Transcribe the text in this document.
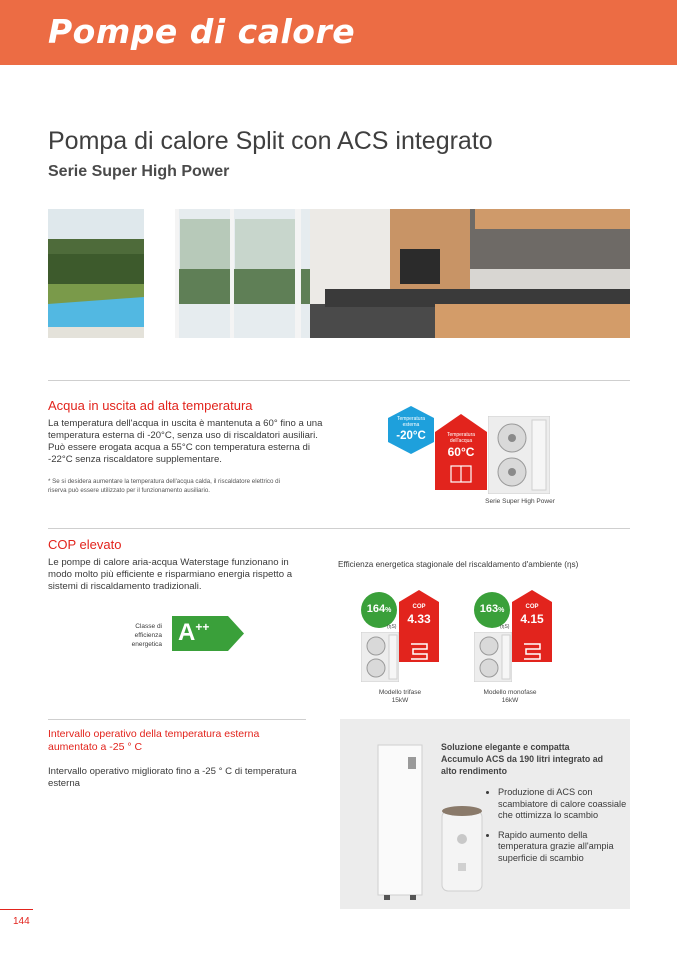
Pompe di calore
Pompa di calore Split con ACS integrato
Serie Super High Power
Acqua in uscita ad alta temperatura
La temperatura dell'acqua in uscita è mantenuta a 60° fino a una temperatura esterna di -20°C, senza uso di riscaldatori ausiliari. Può essere erogata acqua a 55°C con temperatura esterna di -22°C senza riscaldatore supplementare.
* Se si desidera aumentare la temperatura dell'acqua calda, il riscaldatore elettrico di riserva può essere utilizzato per il funzionamento ausiliario.
Temperatura esterna
-20°C	Temperatura dell'acqua
60°C
Serie Super High Power
COP elevato
Le pompe di calore aria-acqua Waterstage funzionano in modo molto più efficiente e risparmiano energia rispetto a sistemi di riscaldamento tradizionali.
Classe di efficienza energetica A++
Efficienza energetica stagionale del riscaldamento d'ambiente (ηs)
164%
(ηS)
COP
4.33
Modello trifase
15kW
163%
(ηS)
COP
4.15
Modello monofase
16kW
Intervallo operativo della temperatura esterna aumentato a -25 ° C
Intervallo operativo migliorato fino a -25 ° C di temperatura esterna
Soluzione elegante e compatta Accumulo ACS da 190 litri integrato ad alto rendimento
• Produzione di ACS con scambiatore di calore coassiale che ottimizza lo scambio
• Rapido aumento della temperatura grazie all'ampia superficie di scambio
144
